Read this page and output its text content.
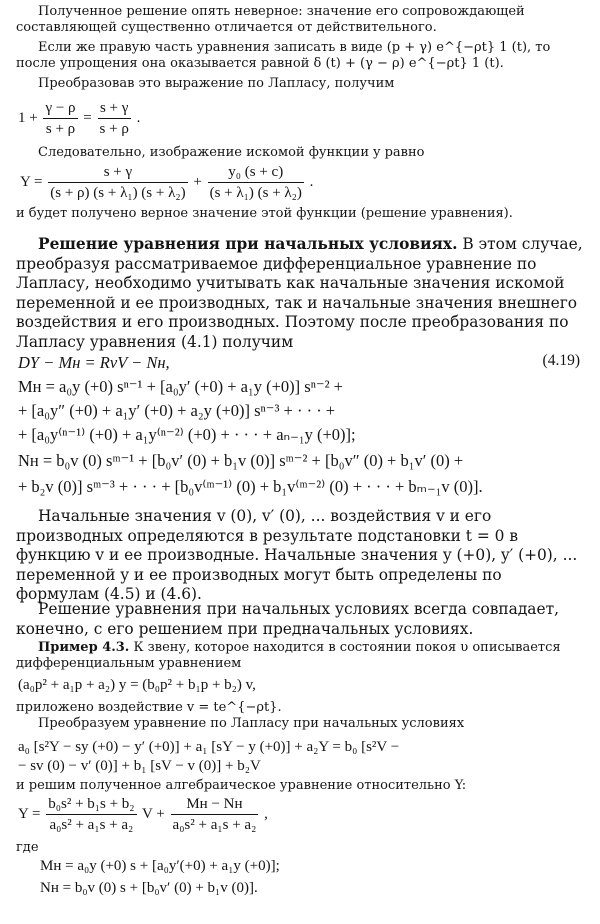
Полученное решение опять неверное: значение его сопровождающей составляющей существенно отличается от действительного.

Если же правую часть уравнения записать в виде (p + γ) e^{−ρt} 1 (t), то после упрощения она оказывается равной δ (t) + (γ − ρ) e^{−ρt} 1 (t).

Преобразовав это выражение по Лапласу, получим

$1 + \frac{\gamma - \rho}{s + \rho} = \frac{s + \gamma}{s + \rho}$ .

Следовательно, изображение искомой функции y равно

$Y = \frac{s + \gamma}{\text{(s + ρ) (s + λ₁) (s + λ₂)}} + \frac{\text{y₀ (s + c)}}{\text{(s + λ₁) (s + λ₂)}}$ .

и будет получено верное значение этой функции (решение уравнения).

Решение уравнения при начальных условиях. В этом случае, преобразуя рассматриваемое дифференциальное уравнение по Лапласу, необходимо учитывать как начальные значения искомой переменной и ее производных, так и начальные значения внешнего воздействия и его производных. Поэтому после преобразования по Лапласу уравнения (4.1) получим

DY − Mн = RvV − Nн,	(4.19)
Mн = a₀y (+0) sⁿ⁻¹ + [a₀y′ (+0) + a₁y (+0)] sⁿ⁻² +
+ [a₀y″ (+0) + a₁y′ (+0) + a₂y (+0)] sⁿ⁻³ + · · · +
+ [a₀y⁽ⁿ⁻¹⁾ (+0) + a₁y⁽ⁿ⁻²⁾ (+0) + · · · + aₙ₋₁y (+0)];
Nн = b₀v (0) sᵐ⁻¹ + [b₀v′ (0) + b₁v (0)] sᵐ⁻² + [b₀v″ (0) + b₁v′ (0) +
+ b₂v (0)] sᵐ⁻³ + · · · + [b₀v⁽ᵐ⁻¹⁾ (0) + b₁v⁽ᵐ⁻²⁾ (0) + · · · + bₘ₋₁v (0)].

Начальные значения v (0), v′ (0), ... воздействия v и его производных определяются в результате подстановки t = 0 в функцию v и ее производные. Начальные значения y (+0), y′ (+0), ... переменной y и ее производных могут быть определены по формулам (4.5) и (4.6).

Решение уравнения при начальных условиях всегда совпадает, конечно, с его решением при предначальных условиях.

Пример 4.3. К звену, которое находится в состоянии покоя υ описывается дифференциальным уравнением

(a₀p² + a₁p + a₂) y = (b₀p² + b₁p + b₂) v,

приложено воздействие v = te^{−ρt}.

Преобразуем уравнение по Лапласу при начальных условиях

a₀ [s²Y − sy (+0) − y′ (+0)] + a₁ [sY − y (+0)] + a₂Y = b₀ [s²V −
− sv (0) − v′ (0)] + b₁ [sV − v (0)] + b₂V

и решим полученное алгебраическое уравнение относительно Y:

$Y = \frac{\text{b₀s² + b₁s + b₂}}{\text{a₀s² + a₁s + a₂}}$ $V + \frac{Mн - Nн}{\text{a₀s² + a₁s + a₂}}$ ,

где

Mн = a₀y (+0) s + [a₀y′(+0) + a₁y (+0)];
Nн = b₀v (0) s + [b₀v′ (0) + b₁v (0)].
